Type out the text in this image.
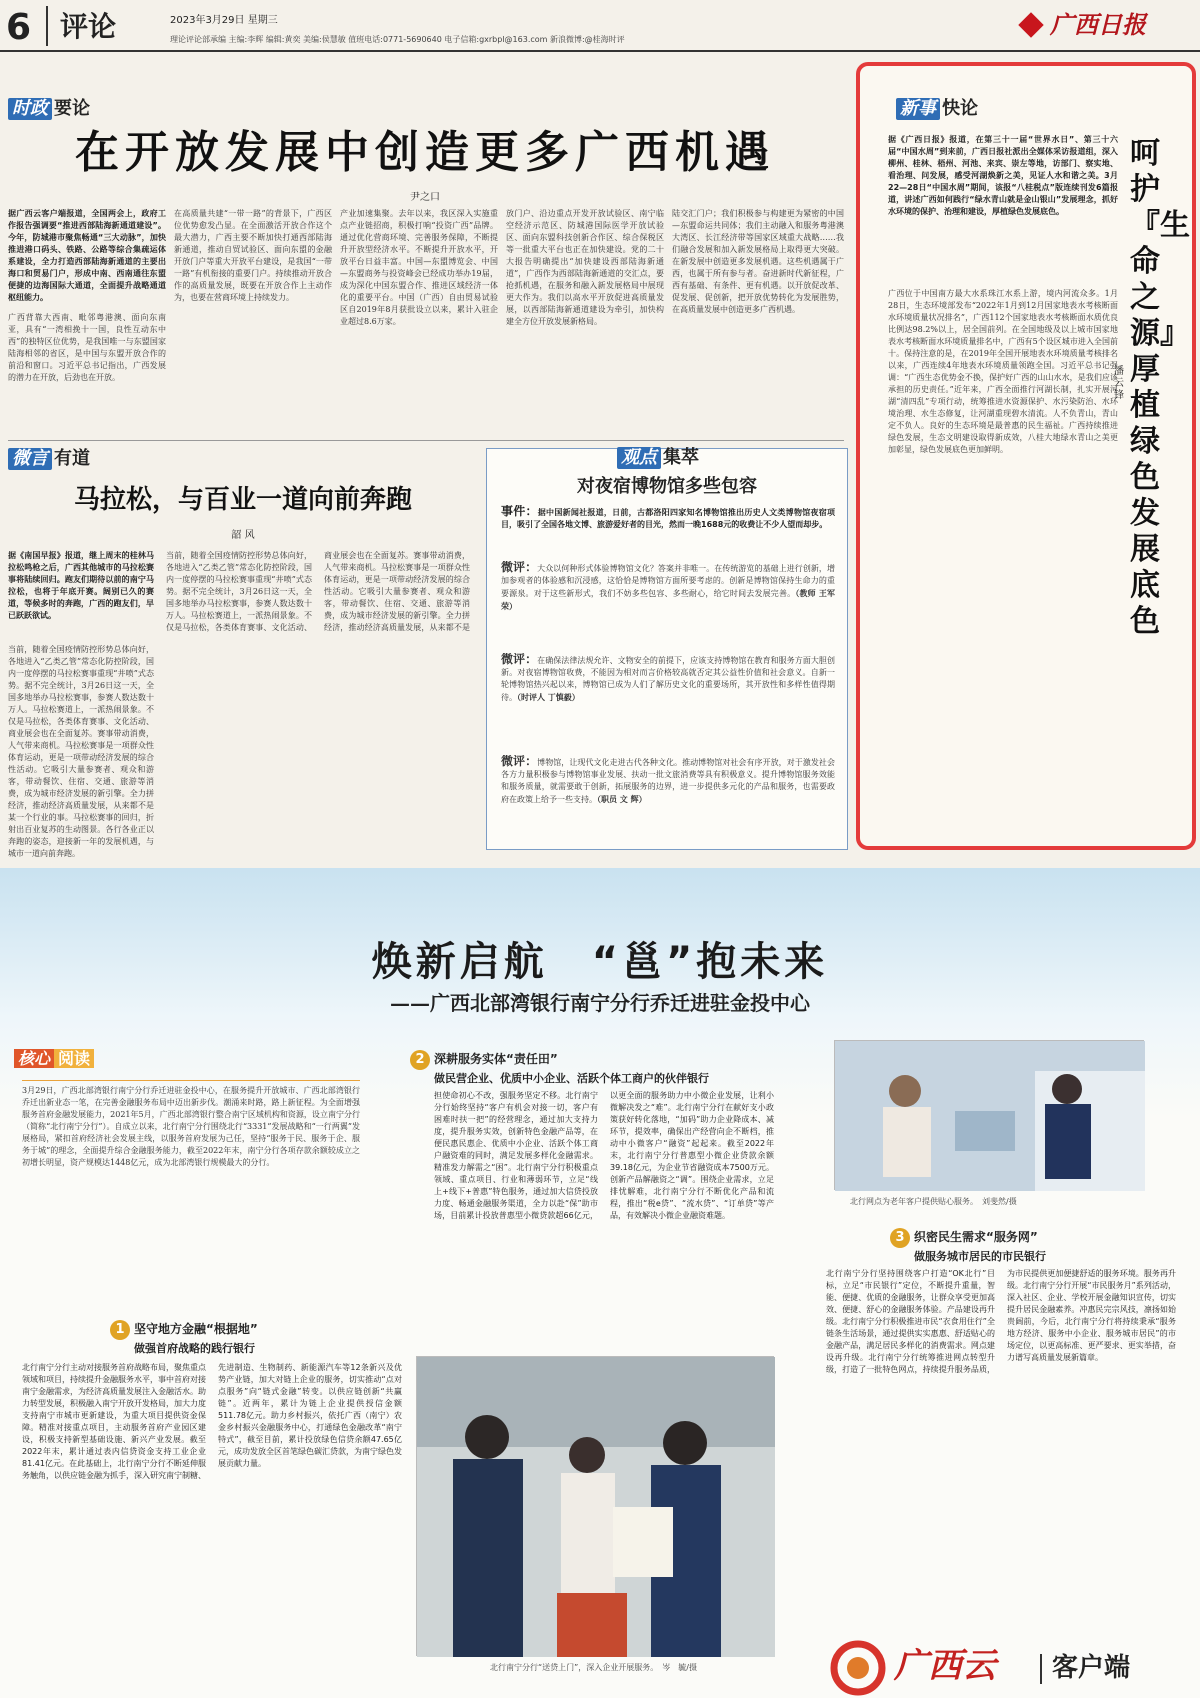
6	评论	2023年3月29日 星期三
理论评论部承编 主编:李辉 编辑:黄奕 美编:侯慧敏 值班电话:0771-5690640 电子信箱:gxrbpl@163.com 新浪微博:@桂海时评
广西日报
时政 要论
在开放发展中创造更多广西机遇
尹之口
据广西云客户端报道，全国两会上，政府工作报告强调要“推进西部陆海新通道建设”。今年，防城港市聚焦畅通“三大动脉”，加快推进港口码头、铁路、公路等综合集疏运体系建设，全力打造西部陆海新通道的主要出海口和贸易门户，形成中南、西南通往东盟便捷的边海国际大通道，全面提升战略通道枢纽能力。
广西背靠大西南、毗邻粤港澳、面向东南亚，具有“一湾相挽十一国，良性互动东中西”的独特区位优势，是我国唯一与东盟国家陆海相邻的省区，是中国与东盟开放合作的前沿和窗口。习近平总书记指出，广西发展的潜力在开放，后劲也在开放。
在高质量共建“一带一路”的背景下，广西区位优势愈发凸显。在全面激活开放合作这个最大潜力，广西主要不断加快打通西部陆海新通道，推动自贸试验区、面向东盟的金融开放门户等重大开放平台建设，是我国“一带一路”有机衔接的重要门户。持续推动开放合作的高质量发展，既要在开放合作上主动作为，也要在营商环境上持续发力。
产业加速集聚。去年以来，我区深入实施重点产业链招商，积极打响“投资广西”品牌。通过优化营商环境、完善服务保障，不断提升开放型经济水平。不断提升开放水平，开放平台日益丰富。中国—东盟博览会、中国—东盟商务与投资峰会已经成功举办19届，成为深化中国东盟合作、推进区域经济一体化的重要平台。中国（广西）自由贸易试验区自2019年8月获批设立以来，累计入驻企业超过8.6万家。
放门户、沿边重点开发开放试验区、南宁临空经济示范区、防城港国际医学开放试验区、面向东盟科技创新合作区、综合保税区等一批重大平台也正在加快建设。党的二十大报告明确提出“加快建设西部陆海新通道”，广西作为西部陆海新通道的交汇点，要抢抓机遇，在服务和融入新发展格局中展现更大作为。我们以高水平开放促进高质量发展，以西部陆海新通道建设为牵引，加快构建全方位开放发展新格局。
陆交汇门户；我们积极参与构建更为紧密的中国—东盟命运共同体；我们主动融入和服务粤港澳大湾区、长江经济带等国家区域重大战略……我们融合发展和加入新发展格局上取得更大突破。在新发展中创造更多发展机遇。这些机遇属于广西，也属于所有参与者。奋进新时代新征程，广西有基础、有条件、更有机遇。以开放促改革、促发展、促创新，把开放优势转化为发展胜势，在高质量发展中创造更多广西机遇。
新事 快论
据《广西日报》报道，在第三十一届“世界水日”、第三十六届“中国水周”到来前，广西日报社派出全媒体采访报道组，深入柳州、桂林、梧州、河池、来宾、崇左等地，访部门、察实地、看治理、问发展，感受河湖焕新之美，见证人水和谐之美。3月22—28日“中国水周”期间，该报“八桂税点”版连续刊发6篇报道，讲述广西如何践行“绿水青山就是金山银山”发展理念，抓好水环境的保护、治理和建设，厚植绿色发展底色。
广西位于中国南方最大水系珠江水系上游，境内河流众多。1月28日，生态环境部发布“2022年1月到12月国家地表水考核断面水环境质量状况排名”，广西112个国家地表水考核断面水质优良比例达98.2%以上，居全国前列。在全国地级及以上城市国家地表水考核断面水环境质量排名中，广西有5个设区城市进入全国前十。保持注意的是，在2019年全国开展地表水环境质量考核排名以来，广西连续4年地表水环境质量领跑全国。习近平总书记强调：“广西生态优势金不换，保护好广西的山山水水，是我们应该承担的历史责任。”近年来，广西全面推行河湖长制，扎实开展河湖“清四乱”专项行动，统筹推进水资源保护、水污染防治、水环境治理、水生态修复，让河湖重现碧水清流。人不负青山，青山定不负人。良好的生态环境是最普惠的民生福祉。广西持续推进绿色发展，生态文明建设取得新成效，八桂大地绿水青山之美更加彰显，绿色发展底色更加鲜明。
呵护『生命之源』 厚植绿色发展底色
潘云锋
微言 有道
马拉松，与百业一道向前奔跑
韶 风
据《南国早报》报道，继上周末的桂林马拉松鸣枪之后，广西其他城市的马拉松赛事将陆续回归。跑友们期待以前的南宁马拉松，也将于年底开赛。阔别已久的赛道，等候多时的奔跑，广西的跑友们，早已跃跃欲试。
当前，随着全国疫情防控形势总体向好，各地进入“乙类乙管”常态化防控阶段，国内一度停摆的马拉松赛事重现“井喷”式态势。据不完全统计，3月26日这一天，全国多地举办马拉松赛事，参赛人数达数十万人。马拉松赛道上，一派热闹景象。不仅是马拉松，各类体育赛事、文化活动、商业展会也在全面复苏。赛事带动消费，人气带来商机。马拉松赛事是一项群众性体育运动，更是一项带动经济发展的综合性活动。它吸引大量参赛者、观众和游客，带动餐饮、住宿、交通、旅游等消费，成为城市经济发展的新引擎。全力拼经济，推动经济高质量发展，从来都不是某一个行业的事。马拉松赛事的回归，折射出百业复苏的生动图景。各行各业正以奔跑的姿态，迎接新一年的发展机遇，与城市一道向前奔跑。
当前，随着全国疫情防控形势总体向好，各地进入“乙类乙管”常态化防控阶段，国内一度停摆的马拉松赛事重现“井喷”式态势。据不完全统计，3月26日这一天，全国多地举办马拉松赛事，参赛人数达数十万人。马拉松赛道上，一派热闹景象。不仅是马拉松，各类体育赛事、文化活动、商业展会也在全面复苏。赛事带动消费，人气带来商机。马拉松赛事是一项群众性体育运动，更是一项带动经济发展的综合性活动。它吸引大量参赛者、观众和游客，带动餐饮、住宿、交通、旅游等消费，成为城市经济发展的新引擎。全力拼经济，推动经济高质量发展，从来都不是
观点 集萃
对夜宿博物馆多些包容
事件：据中国新闻社报道，日前，古都洛阳四家知名博物馆推出历史人文类博物馆夜宿项目，吸引了全国各地文博、旅游爱好者的目光，然而一晚1688元的收费让不少人望而却步。
微评：大众以何种形式体验博物馆文化？答案并非唯一。在传统游览的基础上进行创新，增加参观者的体验感和沉浸感，这恰恰是博物馆方面所要考虑的。创新是博物馆保持生命力的重要源泉。对于这些新形式，我们不妨多些包容、多些耐心，给它时间去发展完善。（教师 王军荣）
微评：在确保法律法规允许、文物安全的前提下，应该支持博物馆在教育和服务方面大胆创新。对夜宿博物馆收费，不能因为相对而言价格较高就否定其公益性价值和社会意义。自新一轮博物馆热兴起以来，博物馆已成为人们了解历史文化的重要场所，其开放性和多样性值得期待。（时评人 丁慎毅）
微评：博物馆，让现代文化走进古代各种文化。推动博物馆对社会有序开放，对于激发社会各方力量积极参与博物馆事业发展、扶动一批文旅消费等具有积极意义。提升博物馆服务效能和服务质量，就需要敢于创新，拓展服务的边界，进一步提供多元化的产品和服务，也需要政府在政策上给予一些支持。（职员 文 辉）
焕新启航　“邕”抱未来
——广西北部湾银行南宁分行乔迁进驻金投中心
核心 阅读
3月29日，广西北部湾银行南宁分行乔迁进驻金投中心，在服务提升开放城市、广西北部湾银行乔迁出新业态一笔，在完善金融服务布局中迈出新步伐。潮涌来时路，路上新征程。为全面增强服务首府金融发展能力，2021年5月，广西北部湾银行整合南宁区域机构和资源，设立南宁分行（简称“北行南宁分行”）。自成立以来，北行南宁分行围绕北行“3331”发展战略和“一行两翼”发展格局，紧扣首府经济社会发展主线，以服务首府发展为己任，坚持“服务于民、服务于企、服务于城”的理念，全面提升综合金融服务能力，截至2022年末，南宁分行各项存款余额较成立之初增长明显，资产规模达1448亿元，成为北部湾银行规模最大的分行。
2 深耕服务实体“责任田”
做民营企业、优质中小企业、活跃个体工商户的伙伴银行
担使命初心不改，强服务坚定不移。北行南宁分行始终坚持“客户有机会对接一切，客户有困难时扶一把”的经营理念，通过加大支持力度，提升服务实效，创新特色金融产品等，在便民惠民惠企、优质中小企业、活跃个体工商户融资难的同时，满足发展多样化金融需求。精准发力解需之“困”。北行南宁分行积极重点领域、重点项目、行业和薄弱环节，立足“线上+线下+普惠”特色服务，通过加大信贷投放力度、畅通金融服务渠道，全力以赴“保”助市场，目前累计投放普惠型小微贷款超66亿元，以更全面的服务助力中小微企业发展，让利小微解决发之“难”。北行南宁分行在献好支小政策获好转化落地，“加码”助力企业降成本、减环节，提效率，确保出产经营向企不断档，推动中小微客户“融资”起起来。截至2022年末，北行南宁分行普惠型小微企业贷款余额39.18亿元，为企业节省融资成本7500万元。创新产品解融资之“调”。围绕企业需求，立足排忧解难，北行南宁分行不断优化产品和流程，推出“税e贷”、“流水贷”、“订单贷”等产品，有效解决小微企业融资难题。
北行网点为老年客户提供贴心服务。　刘斐然/摄
3 织密民生需求“服务网”
做服务城市居民的市民银行
北行南宁分行坚持围绕客户打造“OK北行”目标，立足“市民银行”定位，不断提升重量，智能、便捷、优质的金融服务，让群众享受更加高效、便捷、舒心的金融服务体验。产品建设再升级。北行南宁分行积极推进市民“衣食用住行”全链条生活场景，通过提供实实惠惠、舒适贴心的金融产品，满足居民多样化的消费需求。网点建设再升级。北行南宁分行统筹推进网点转型升级，打造了一批特色网点，持续提升服务品质，为市民提供更加便捷舒适的服务环境。服务再升级。北行南宁分行开展“市民服务月”系列活动，深入社区、企业、学校开展金融知识宣传，切实提升居民金融素养。冲惠民完宗风技，凛扬如始贵阔前，今后，北行南宁分行将持续秉承“服务地方经济、服务中小企业、服务城市居民”的市场定位，以更高标准、更严要求、更实举措，奋力谱写高质量发展新篇章。
1 坚守地方金融“根据地”
做强首府战略的践行银行
北行南宁分行主动对接服务首府战略布局，聚焦重点领域和项目，持续提升金融服务水平，事中首府对接南宁金融需求，为经济高质量发展注入金融活水。助力转型发展，积极融入南宁开放开发格局，加大力度支持南宁市城市更新建设，为重大项目提供资金保障。精准对接重点项目，主动服务首府产业园区建设，积极支持新型基础设施、新兴产业发展。截至2022年末，累计通过表内信贷资金支持工业企业81.41亿元。在此基础上，北行南宁分行不断延伸服务触角，以供应链金融为抓手，深入研究南宁制糖、先进制造、生物制药、新能源汽车等12条新兴及优势产业链，加大对链上企业的服务，切实推动“点对点服务”向“链式金融”转变。以供应链创新“共赢链”。近两年，累计为链上企业提供授信金额511.78亿元。助力乡村振兴，依托广西（南宁）农金乡村振兴金融服务中心，打通绿色金融改革“南宁特式”，截至目前，累计投放绿色信贷余额47.65亿元，成功发放全区首笔绿色碳汇贷款，为南宁绿色发展贡献力量。
北行南宁分行“送贷上门”，深入企业开展服务。　岑　毓/摄	广西云 客户端
